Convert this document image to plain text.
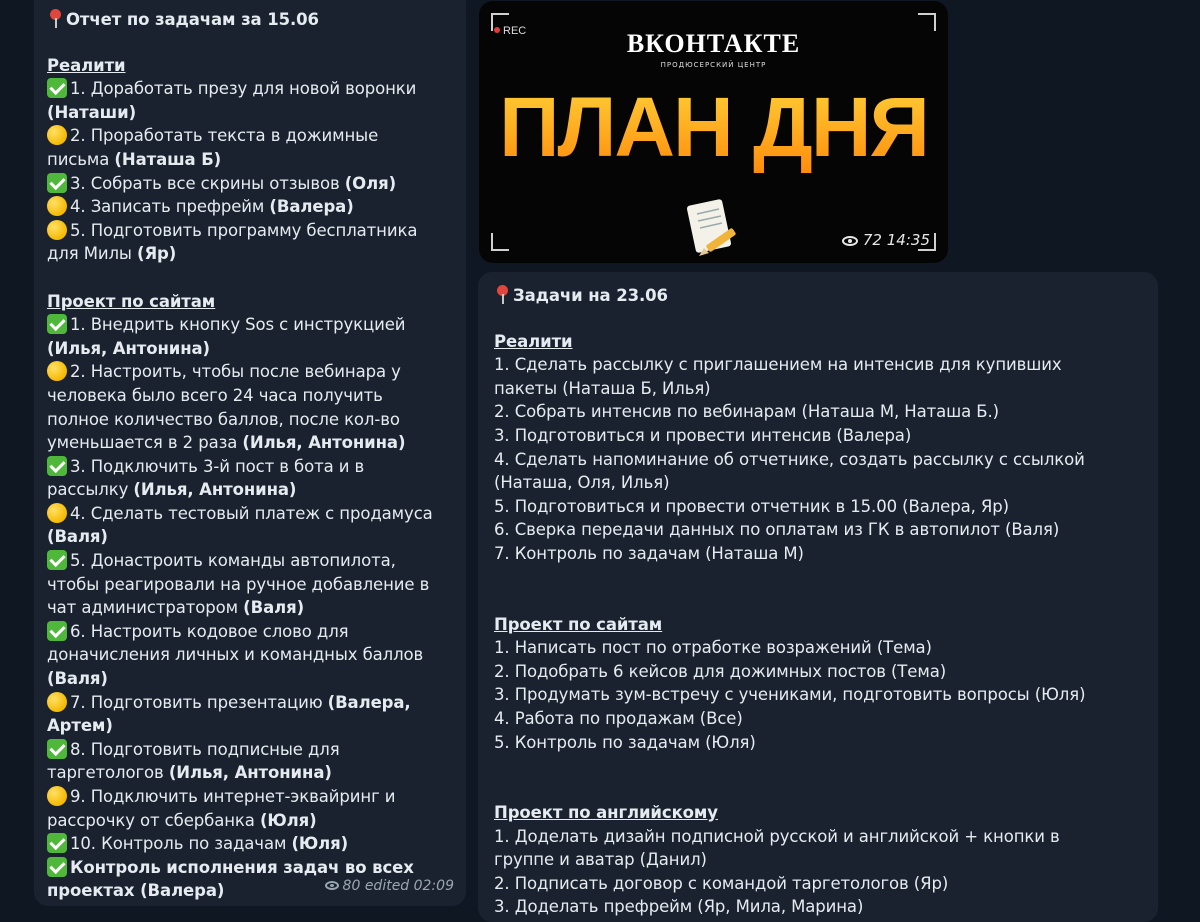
Отчет по задачам за 15.06
Реалити
1. Доработать презу для новой воронки
(Наташи)
2. Проработать текста в дожимные
письма (Наташа Б)
3. Собрать все скрины отзывов (Оля)
4. Записать префрейм (Валера)
5. Подготовить программу бесплатника
для Милы (Яр)
Проект по сайтам
1. Внедрить кнопку Sos с инструкцией
(Илья, Антонина)
2. Настроить, чтобы после вебинара у
человека было всего 24 часа получить
полное количество баллов, после кол-во
уменьшается в 2 раза (Илья, Антонина)
3. Подключить 3-й пост в бота и в
рассылку (Илья, Антонина)
4. Сделать тестовый платеж с продамуса
(Валя)
5. Донастроить команды автопилота,
чтобы реагировали на ручное добавление в
чат администратором (Валя)
6. Настроить кодовое слово для
доначисления личных и командных баллов
(Валя)
7. Подготовить презентацию (Валера,
Артем)
8. Подготовить подписные для
таргетологов (Илья, Антонина)
9. Подключить интернет-эквайринг и
рассрочку от сбербанка (Юля)
10. Контроль по задачам (Юля)
Контроль исполнения задач во всех
проектах (Валера)	80 edited 02:09
REC	ВКОНТАКТЕ
ПРОДЮСЕРСКИЙ ЦЕНТР
ПЛАН ДНЯ
72 14:35
Задачи на 23.06
Реалити
1. Сделать рассылку с приглашением на интенсив для купивших
пакеты (Наташа Б, Илья)
2. Собрать интенсив по вебинарам (Наташа М, Наташа Б.)
3. Подготовиться и провести интенсив (Валера)
4. Сделать напоминание об отчетнике, создать рассылку с ссылкой
(Наташа, Оля, Илья)
5. Подготовиться и провести отчетник в 15.00 (Валера, Яр)
6. Сверка передачи данных по оплатам из ГК в автопилот (Валя)
7. Контроль по задачам (Наташа М)
Проект по сайтам
1. Написать пост по отработке возражений (Тема)
2. Подобрать 6 кейсов для дожимных постов (Тема)
3. Продумать зум-встречу с учениками, подготовить вопросы (Юля)
4. Работа по продажам (Все)
5. Контроль по задачам (Юля)
Проект по английскому
1. Доделать дизайн подписной русской и английской + кнопки в
группе и аватар (Данил)
2. Подписать договор с командой таргетологов (Яр)
3. Доделать префрейм (Яр, Мила, Марина)
